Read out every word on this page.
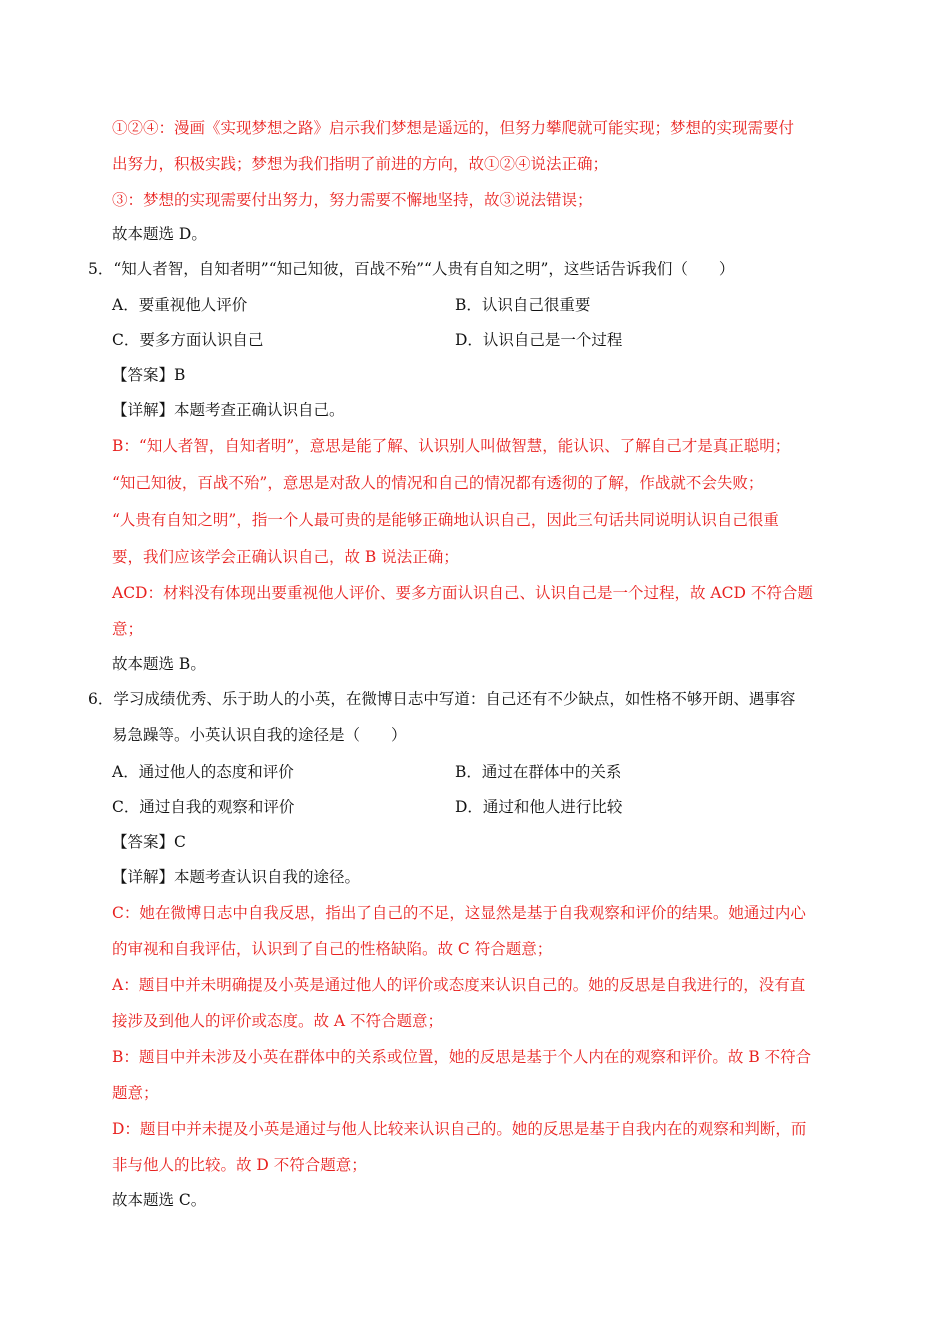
①②④：漫画《实现梦想之路》启示我们梦想是遥远的，但努力攀爬就可能实现；梦想的实现需要付
出努力，积极实践；梦想为我们指明了前进的方向，故①②④说法正确；
③：梦想的实现需要付出努力，努力需要不懈地坚持，故③说法错误；
故本题选 D。
5．“知人者智，自知者明”“知己知彼，百战不殆”“人贵有自知之明”，这些话告诉我们（　　）
A．要重视他人评价	B．认识自己很重要
C．要多方面认识自己	D．认识自己是一个过程
【答案】B
【详解】本题考查正确认识自己。
B：“知人者智，自知者明”，意思是能了解、认识别人叫做智慧，能认识、了解自己才是真正聪明；
“知己知彼，百战不殆”，意思是对敌人的情况和自己的情况都有透彻的了解，作战就不会失败；
“人贵有自知之明”，指一个人最可贵的是能够正确地认识自己，因此三句话共同说明认识自己很重
要，我们应该学会正确认识自己，故 B 说法正确；
ACD：材料没有体现出要重视他人评价、要多方面认识自己、认识自己是一个过程，故 ACD 不符合题
意；
故本题选 B。
6．学习成绩优秀、乐于助人的小英，在微博日志中写道：自己还有不少缺点，如性格不够开朗、遇事容
易急躁等。小英认识自我的途径是（　　）
A．通过他人的态度和评价	B．通过在群体中的关系
C．通过自我的观察和评价	D．通过和他人进行比较
【答案】C
【详解】本题考查认识自我的途径。
C：她在微博日志中自我反思，指出了自己的不足，这显然是基于自我观察和评价的结果。她通过内心
的审视和自我评估，认识到了自己的性格缺陷。故 C 符合题意；
A：题目中并未明确提及小英是通过他人的评价或态度来认识自己的。她的反思是自我进行的，没有直
接涉及到他人的评价或态度。故 A 不符合题意；
B：题目中并未涉及小英在群体中的关系或位置，她的反思是基于个人内在的观察和评价。故 B 不符合
题意；
D：题目中并未提及小英是通过与他人比较来认识自己的。她的反思是基于自我内在的观察和判断，而
非与他人的比较。故 D 不符合题意；
故本题选 C。
